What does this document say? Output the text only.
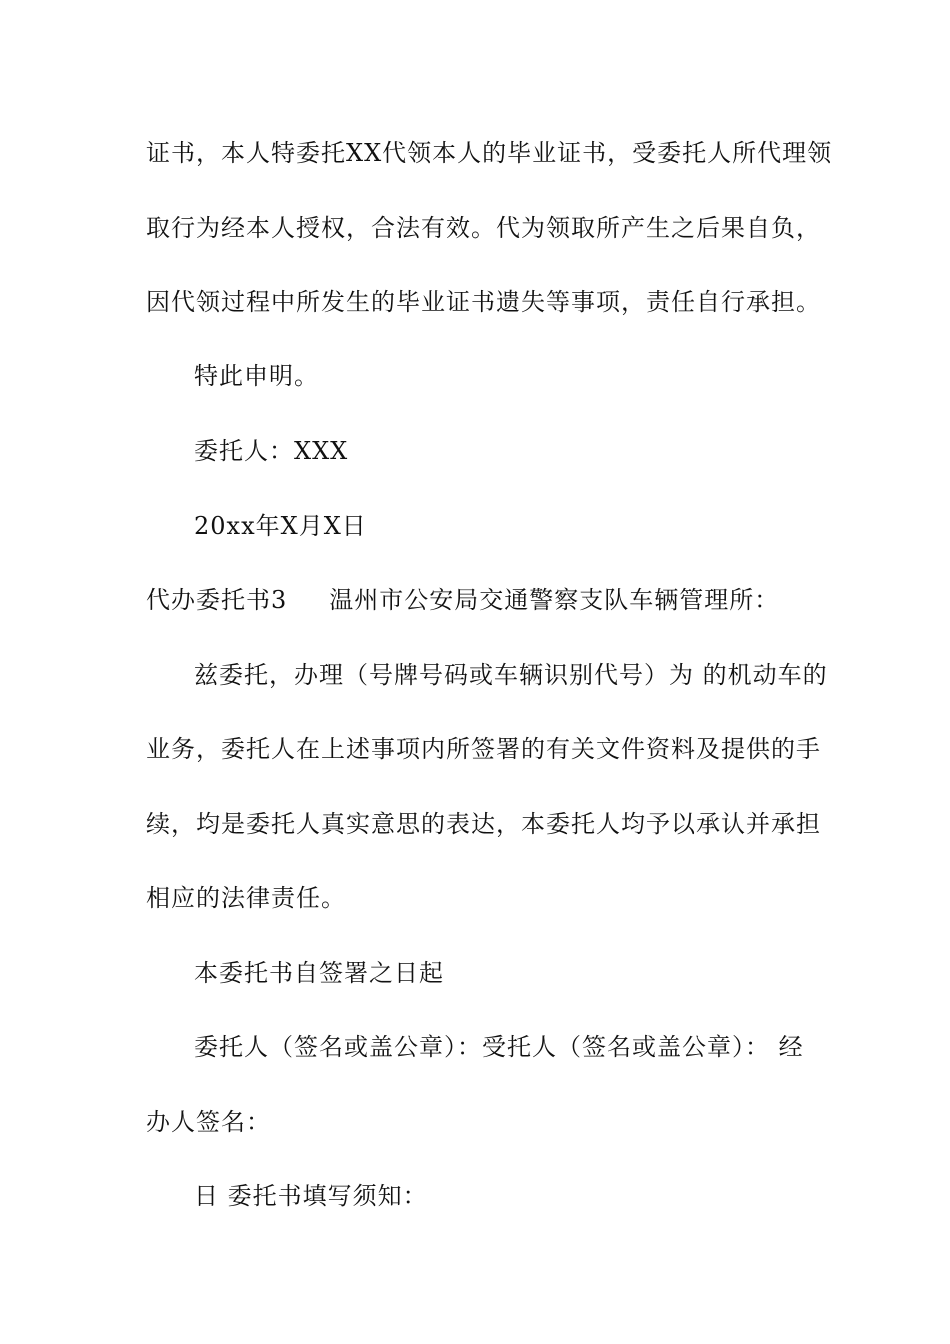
证书，本人特委托XX代领本人的毕业证书，受委托人所代理领
取行为经本人授权，合法有效。代为领取所产生之后果自负，
因代领过程中所发生的毕业证书遗失等事项，责任自行承担。
特此申明。
委托人：XXX
20xx年X月X日
代办委托书3 温州市公安局交通警察支队车辆管理所：
兹委托，办理（号牌号码或车辆识别代号）为 的机动车的
业务，委托人在上述事项内所签署的有关文件资料及提供的手
续，均是委托人真实意思的表达，本委托人均予以承认并承担
相应的法律责任。
本委托书自签署之日起
委托人（签名或盖公章）：受托人（签名或盖公章）： 经
办人签名：
日 委托书填写须知：
